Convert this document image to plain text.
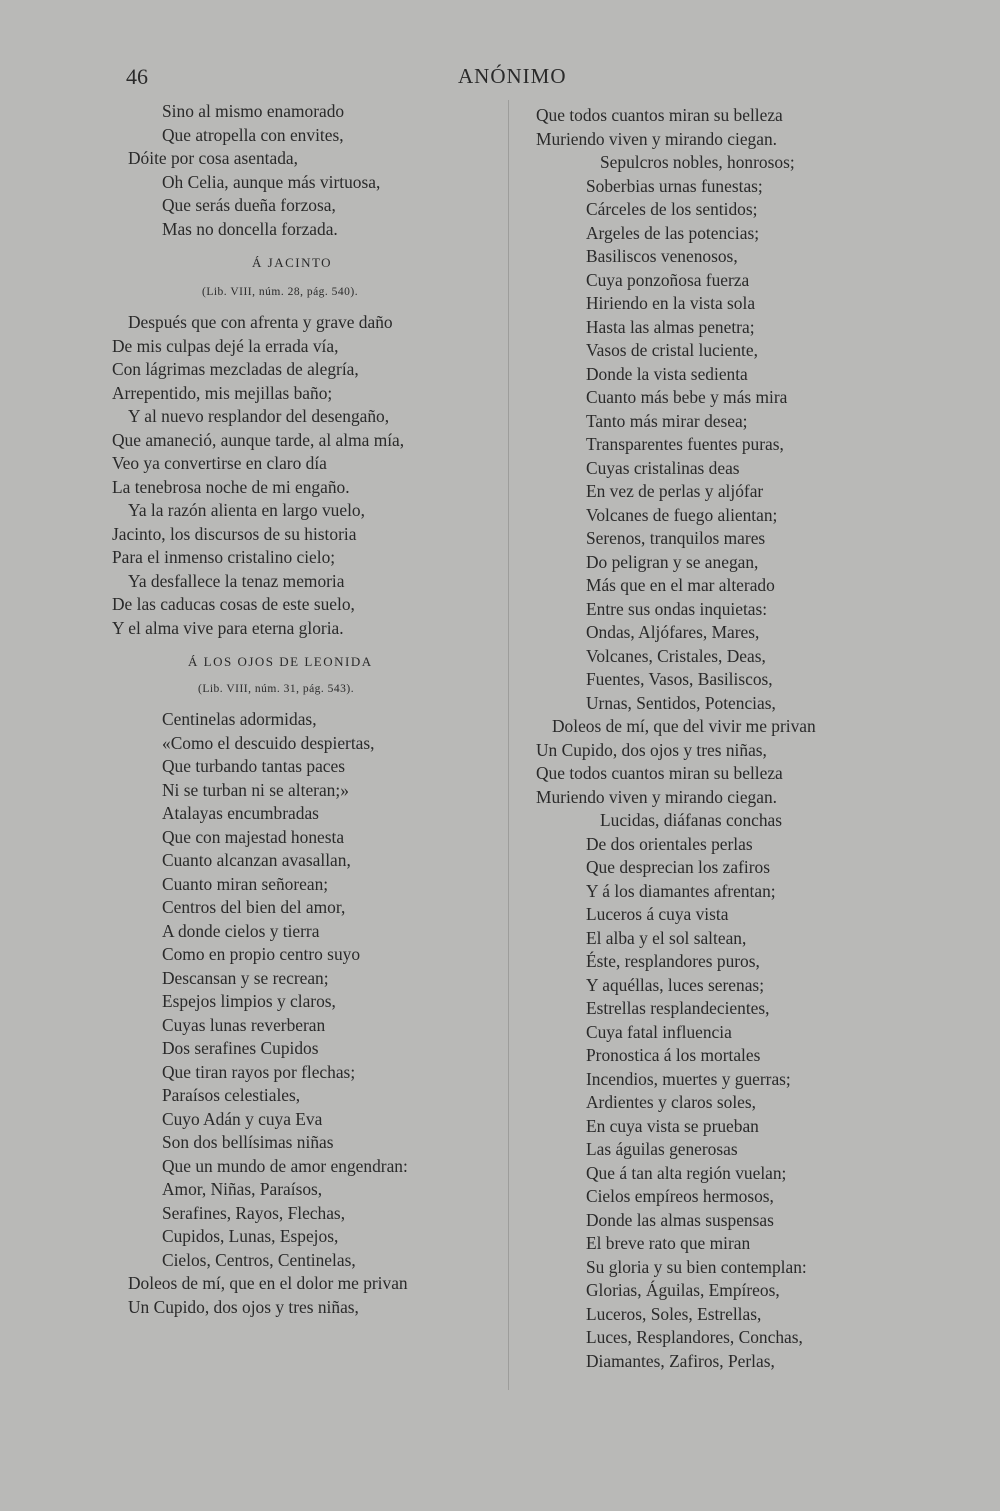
46	ANÓNIMO
Sino al mismo enamorado
Que atropella con envites,
Dóite por cosa asentada,
Oh Celia, aunque más virtuosa,
Que serás dueña forzosa,
Mas no doncella forzada.
Á JACINTO
(Lib. VIII, núm. 28, pág. 540).
Después que con afrenta y grave daño
De mis culpas dejé la errada vía,
Con lágrimas mezcladas de alegría,
Arrepentido, mis mejillas baño;
Y al nuevo resplandor del desengaño,
Que amaneció, aunque tarde, al alma mía,
Veo ya convertirse en claro día
La tenebrosa noche de mi engaño.
Ya la razón alienta en largo vuelo,
Jacinto, los discursos de su historia
Para el inmenso cristalino cielo;
Ya desfallece la tenaz memoria
De las caducas cosas de este suelo,
Y el alma vive para eterna gloria.
Á LOS OJOS DE LEONIDA
(Lib. VIII, núm. 31, pág. 543).
Centinelas adormidas,
«Como el descuido despiertas,
Que turbando tantas paces
Ni se turban ni se alteran;»
Atalayas encumbradas
Que con majestad honesta
Cuanto alcanzan avasallan,
Cuanto miran señorean;
Centros del bien del amor,
A donde cielos y tierra
Como en propio centro suyo
Descansan y se recrean;
Espejos limpios y claros,
Cuyas lunas reverberan
Dos serafines Cupidos
Que tiran rayos por flechas;
Paraísos celestiales,
Cuyo Adán y cuya Eva
Son dos bellísimas niñas
Que un mundo de amor engendran:
Amor, Niñas, Paraísos,
Serafines, Rayos, Flechas,
Cupidos, Lunas, Espejos,
Cielos, Centros, Centinelas,
Doleos de mí, que en el dolor me privan
Un Cupido, dos ojos y tres niñas,
Que todos cuantos miran su belleza
Muriendo viven y mirando ciegan.
Sepulcros nobles, honrosos;
Soberbias urnas funestas;
Cárceles de los sentidos;
Argeles de las potencias;
Basiliscos venenosos,
Cuya ponzoñosa fuerza
Hiriendo en la vista sola
Hasta las almas penetra;
Vasos de cristal luciente,
Donde la vista sedienta
Cuanto más bebe y más mira
Tanto más mirar desea;
Transparentes fuentes puras,
Cuyas cristalinas deas
En vez de perlas y aljófar
Volcanes de fuego alientan;
Serenos, tranquilos mares
Do peligran y se anegan,
Más que en el mar alterado
Entre sus ondas inquietas:
Ondas, Aljófares, Mares,
Volcanes, Cristales, Deas,
Fuentes, Vasos, Basiliscos,
Urnas, Sentidos, Potencias,
Doleos de mí, que del vivir me privan
Un Cupido, dos ojos y tres niñas,
Que todos cuantos miran su belleza
Muriendo viven y mirando ciegan.
Lucidas, diáfanas conchas
De dos orientales perlas
Que desprecian los zafiros
Y á los diamantes afrentan;
Luceros á cuya vista
El alba y el sol saltean,
Éste, resplandores puros,
Y aquéllas, luces serenas;
Estrellas resplandecientes,
Cuya fatal influencia
Pronostica á los mortales
Incendios, muertes y guerras;
Ardientes y claros soles,
En cuya vista se prueban
Las águilas generosas
Que á tan alta región vuelan;
Cielos empíreos hermosos,
Donde las almas suspensas
El breve rato que miran
Su gloria y su bien contemplan:
Glorias, Águilas, Empíreos,
Luceros, Soles, Estrellas,
Luces, Resplandores, Conchas,
Diamantes, Zafiros, Perlas,
